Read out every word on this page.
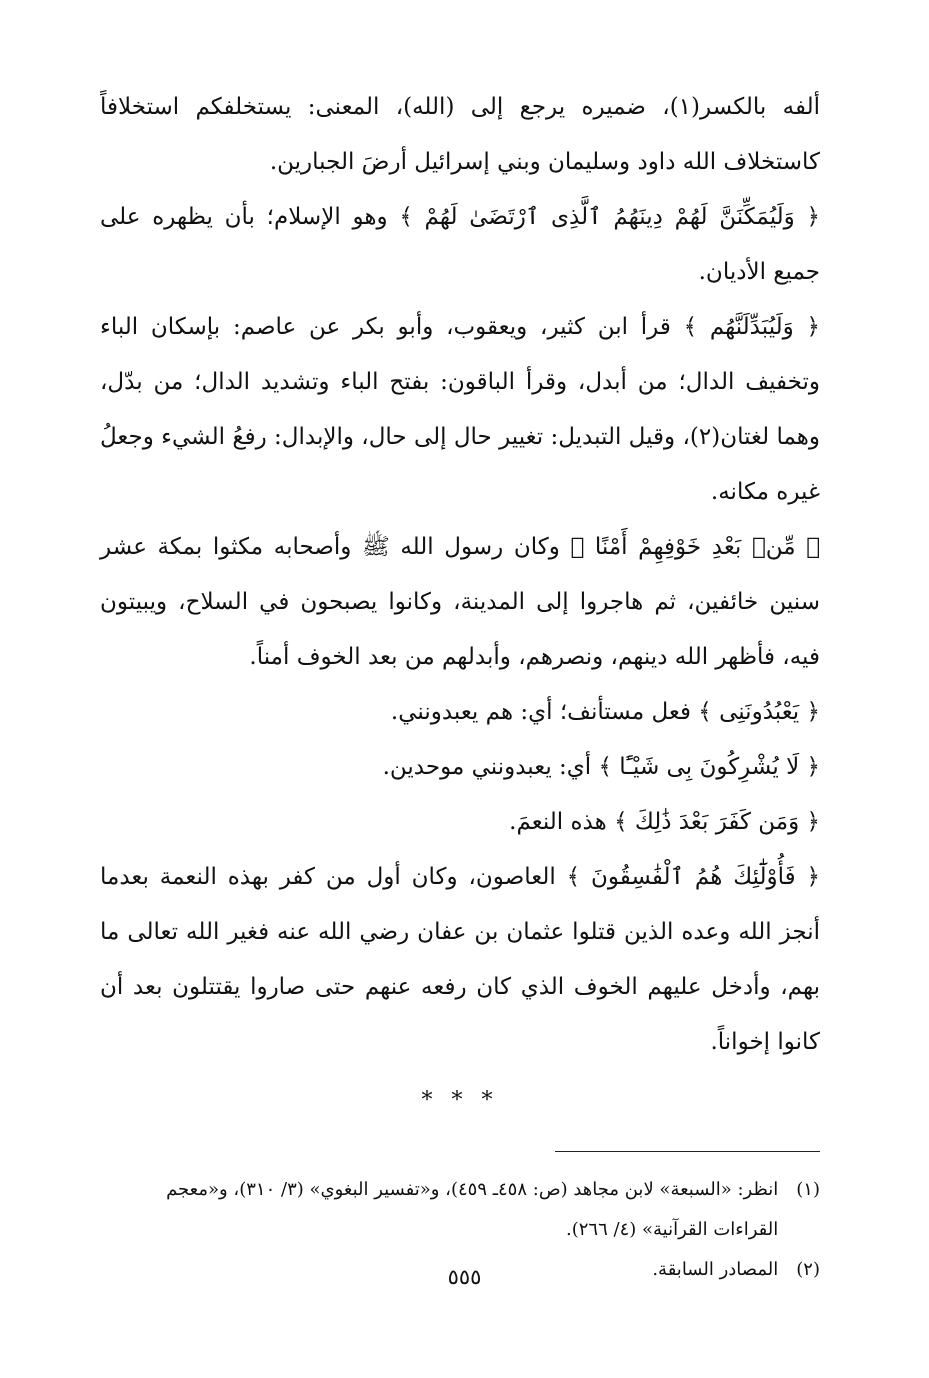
ألفه بالكسر(١)، ضميره يرجع إلى (الله)، المعنى: يستخلفكم استخلافاً كاستخلاف الله داود وسليمان وبني إسرائيل أرضَ الجبارين.

﴿ وَلَيُمَكِّنَنَّ لَهُمْ دِينَهُمُ ٱلَّذِى ٱرْتَضَىٰ لَهُمْ ﴾ وهو الإسلام؛ بأن يظهره على جميع الأديان.

﴿ وَلَيُبَدِّلَنَّهُم ﴾ قرأ ابن كثير، ويعقوب، وأبو بكر عن عاصم: بإسكان الباء وتخفيف الدال؛ من أبدل، وقرأ الباقون: بفتح الباء وتشديد الدال؛ من بدّل، وهما لغتان(٢)، وقيل التبديل: تغيير حال إلى حال، والإبدال: رفعُ الشيء وجعلُ غيره مكانه.

﴿ مِّنۢ بَعْدِ خَوْفِهِمْ أَمْنًا ﴾ وكان رسول الله ﷺ وأصحابه مكثوا بمكة عشر سنين خائفين، ثم هاجروا إلى المدينة، وكانوا يصبحون في السلاح، ويبيتون فيه، فأظهر الله دينهم، ونصرهم، وأبدلهم من بعد الخوف أمناً.

﴿ يَعْبُدُونَنِى ﴾ فعل مستأنف؛ أي: هم يعبدونني.

﴿ لَا يُشْرِكُونَ بِى شَيْـًٔا ﴾ أي: يعبدونني موحدين.

﴿ وَمَن كَفَرَ بَعْدَ ذَٰلِكَ ﴾ هذه النعمَ.

﴿ فَأُوْلَٰٓئِكَ هُمُ ٱلْفَٰسِقُونَ ﴾ العاصون، وكان أول من كفر بهذه النعمة بعدما أنجز الله وعده الذين قتلوا عثمان بن عفان رضي الله عنه فغير الله تعالى ما بهم، وأدخل عليهم الخوف الذي كان رفعه عنهم حتى صاروا يقتتلون بعد أن كانوا إخواناً.

* * *
(١)
انظر: «السبعة» لابن مجاهد (ص: ٤٥٨ـ ٤٥٩)، و«تفسير البغوي» (٣/ ٣١٠)، و«معجم القراءات القرآنية» (٤/ ٢٦٦).
(٢)
المصادر السابقة.
٥٥٥
